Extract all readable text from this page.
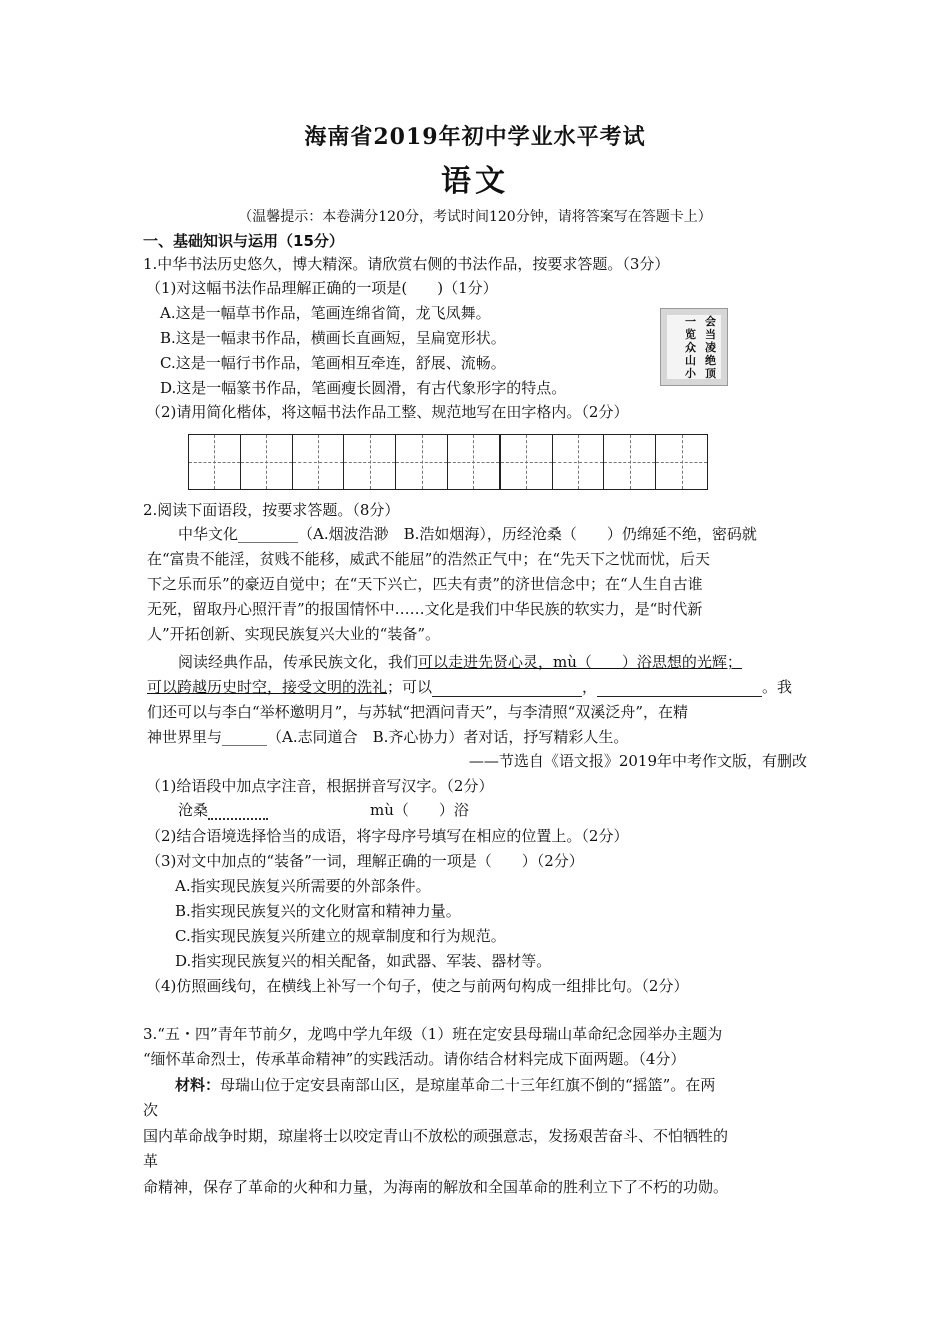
海南省2019年初中学业水平考试
语文
（温馨提示：本卷满分120分，考试时间120分钟，请将答案写在答题卡上）
一、基础知识与运用（15分）
1.中华书法历史悠久，博大精深。请欣赏右侧的书法作品，按要求答题。（3分）
（1)对这幅书法作品理解正确的一项是(　　)（1分）
A.这是一幅草书作品，笔画连绵省简，龙飞凤舞。
B.这是一幅隶书作品，横画长直画短，呈扁宽形状。
C.这是一幅行书作品，笔画相互牵连，舒展、流畅。
D.这是一幅篆书作品，笔画瘦长圆滑，有古代象形字的特点。
（2)请用简化楷体，将这幅书法作品工整、规范地写在田字格内。（2分）
会当凌绝顶
一览众山小
2.阅读下面语段，按要求答题。（8分）
中华文化________（A.烟波浩渺　B.浩如烟海），历经沧桑（　　）仍绵延不绝，密码就
在“富贵不能淫，贫贱不能移，威武不能屈”的浩然正气中；在“先天下之忧而忧，后天
下之乐而乐”的豪迈自觉中；在“天下兴亡，匹夫有责”的济世信念中；在“人生自古谁
无死，留取丹心照汗青”的报国情怀中……文化是我们中华民族的软实力，是“时代新
人”开拓创新、实现民族复兴大业的“装备”。
阅读经典作品，传承民族文化，我们可以走进先贤心灵，mù（　　）浴思想的光辉；
可以跨越历史时空，接受文明的洗礼；可以	，	。我
们还可以与李白“举杯邀明月”，与苏轼“把酒问青天”，与李清照“双溪泛舟”，在精
神世界里与______（A.志同道合　B.齐心协力）者对话，抒写精彩人生。
——节选自《语文报》2019年中考作文版，有删改
（1)给语段中加点字注音，根据拼音写汉字。（2分）
沧桑	mù（　　）浴
（2)结合语境选择恰当的成语，将字母序号填写在相应的位置上。（2分）
（3)对文中加点的“装备”一词，理解正确的一项是（　　）（2分）
A.指实现民族复兴所需要的外部条件。
B.指实现民族复兴的文化财富和精神力量。
C.指实现民族复兴所建立的规章制度和行为规范。
D.指实现民族复兴的相关配备，如武器、军装、器材等。
（4)仿照画线句，在横线上补写一个句子，使之与前两句构成一组排比句。（2分）
3.“五・四”青年节前夕，龙鸣中学九年级（1）班在定安县母瑞山革命纪念园举办主题为
“缅怀革命烈士，传承革命精神”的实践活动。请你结合材料完成下面两题。（4分）
材料：母瑞山位于定安县南部山区，是琼崖革命二十三年红旗不倒的“摇篮”。在两
次
国内革命战争时期，琼崖将士以咬定青山不放松的顽强意志，发扬艰苦奋斗、不怕牺牲的
革
命精神，保存了革命的火种和力量，为海南的解放和全国革命的胜利立下了不朽的功勋。
